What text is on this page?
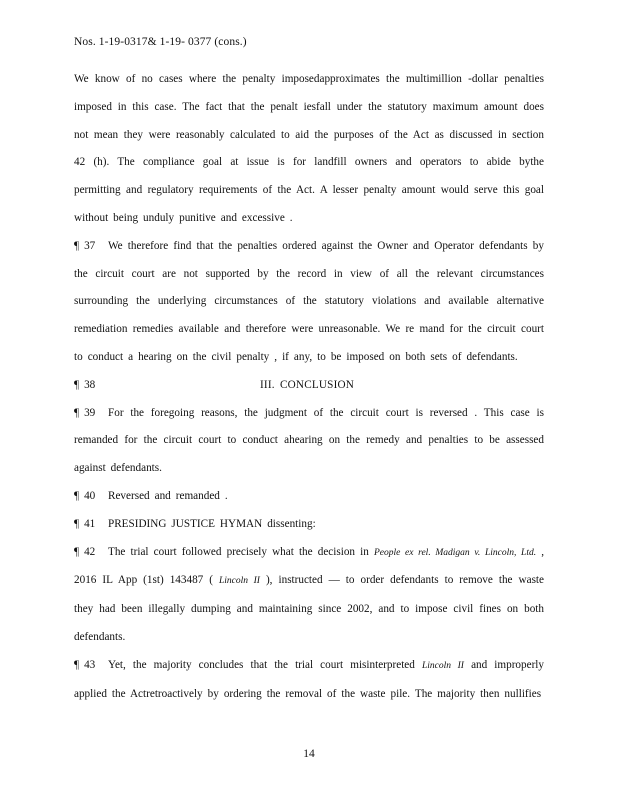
Nos. 1-19-0317& 1-19- 0377 (cons.)

We know of no cases where the penalty imposedapproximates the multimillion -dollar penalties imposed in this case. The fact that the penalt iesfall under the statutory maximum amount does not mean they were reasonably calculated to aid the purposes of the Act as discussed in section 42 (h). The compliance goal at issue is for landfill owners and operators to abide bythe permitting and regulatory requirements of the Act. A lesser penalty amount would serve this goal without being unduly punitive and excessive .

¶ 37 We therefore find that the penalties ordered against the Owner and Operator defendants by the circuit court are not supported by the record in view of all the relevant circumstances surrounding the underlying circumstances of the statutory violations and available alternative remediation remedies available and therefore were unreasonable. We re mand for the circuit court to conduct a hearing on the civil penalty , if any, to be imposed on both sets of defendants.

¶ 38	III. CONCLUSION

¶ 39 For the foregoing reasons, the judgment of the circuit court is reversed . This case is remanded for the circuit court to conduct ahearing on the remedy and penalties to be assessed against defendants.

¶ 40 Reversed and remanded .

¶ 41 PRESIDING JUSTICE HYMAN dissenting:

¶ 42 The trial court followed precisely what the decision in People ex rel. Madigan v. Lincoln, Ltd. , 2016 IL App (1st) 143487 ( Lincoln II ), instructed — to order defendants to remove the waste they had been illegally dumping and maintaining since 2002, and to impose civil fines on both defendants.

¶ 43 Yet, the majority concludes that the trial court misinterpreted Lincoln II and improperly applied the Actretroactively by ordering the removal of the waste pile. The majority then nullifies

14
